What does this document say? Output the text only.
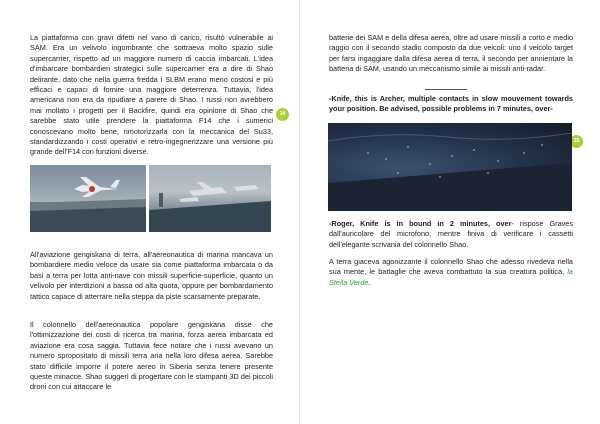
La piattaforma con gravi difetti nel vano di carico, risultò vulnerabile ai SAM. Era un velivolo ingombrante che sottraeva molto spazio sulle supercarrier, rispetto ad un maggiore numero di caccia imbarcati. L'idea d'imbarcare bombardieri strategici sulle supercarrier era a dire di Shao delirante, dato che nella guerra fredda i SLBM erano meno costosi e più efficaci e capaci di fornire una maggiore deterrenza. Tuttavia, l'idea americana non era da ripudiare a parere di Shao. I russi non avrebbero mai mollato i progetti per il Backfire, quindi era opinione di Shao che sarebbe stato utile prendere la piattaforma F14 che i sumerici conoscevano molto bene, rimotorizzarla con la meccanica del Su33, standardizzando i costi operativi e retro-ingegnerizzare una versione più grande dell'F14 con funzioni diverse.

34

All'aviazione gengiskana di terra, all'aereonautica di marina mancava un bombardiere medio veloce da usare sia come piattaforma imbarcata o da basi a terra per lotta anti-nave con missili superficie-superficie, quanto un velivolo per interdizioni a bassa od alta quota, oppure per bombardamento tattico capace di atterrare nella steppa da piste scarsamente preparate.

Il colonnello dell'aereonautica popolare gengiskana disse che l'ottimizzazione dei costi di ricerca tra marina, forza aerea imbarcata ed aviazione era cosa saggia. Tuttavia fece notare che i russi avevano un numero spropositato di missili terra aria nella loro difesa aerea. Sarebbe stato difficile imporre il potere aereo in Siberia senza tenere presente queste minacce. Shao suggerì di progettare con le stampanti 3D dei piccoli droni con cui attaccare le

batterie dei SAM e della difesa aerea, oltre ad usare missili a corto e medio raggio con il secondo stadio composto da due veicoli: uno il veicolo target per farsi ingaggiare dalla difesa aerea di terra, il secondo per annientare la batteria di SAM, usando un meccanismo simile ai missili anti-radar.

-Knife, this is Archer, multiple contacts in slow mouvement towards your position. Be advised, possible problems in 7 minutes, over-

35

-Roger, Knife is in bound in 2 minutes, over- rispose Graves dall'auricolare del microfono, mentre finiva di verificare i cassetti dell'elegante scrivania del colonnello Shao.

A terra giaceva agonizzante il colonnello Shao che adesso rivedeva nella sua mente, le battaglie che aveva combattuto la sua creatura politica, la Stella Verde.
